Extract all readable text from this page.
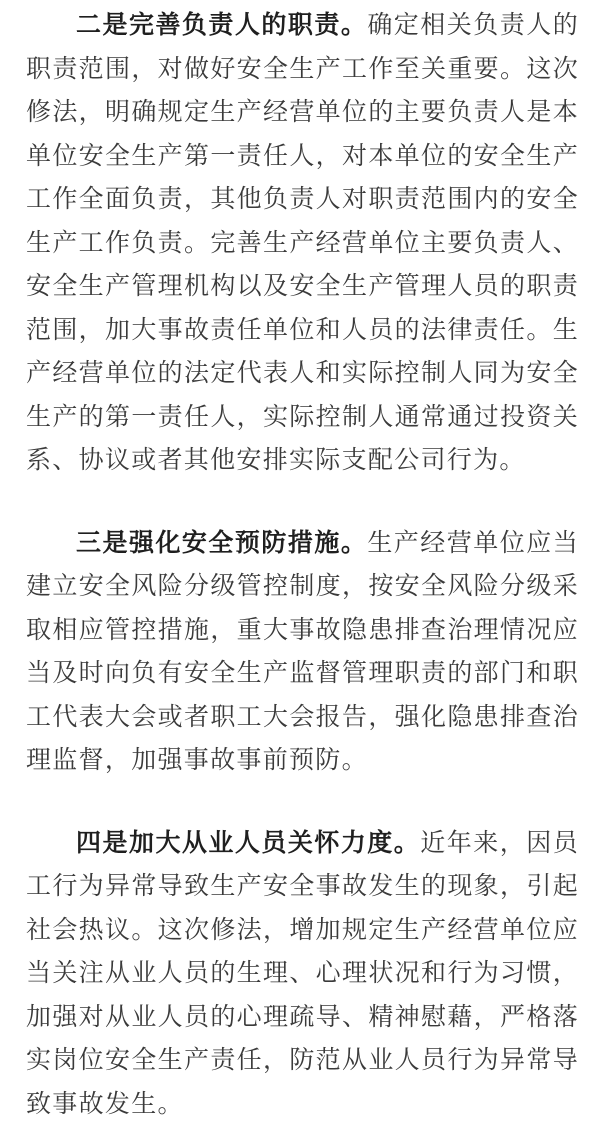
二是完善负责人的职责。确定相关负责人的职责范围，对做好安全生产工作至关重要。这次修法，明确规定生产经营单位的主要负责人是本单位安全生产第一责任人，对本单位的安全生产工作全面负责，其他负责人对职责范围内的安全生产工作负责。完善生产经营单位主要负责人、安全生产管理机构以及安全生产管理人员的职责范围，加大事故责任单位和人员的法律责任。生产经营单位的法定代表人和实际控制人同为安全生产的第一责任人，实际控制人通常通过投资关系、协议或者其他安排实际支配公司行为。

三是强化安全预防措施。生产经营单位应当建立安全风险分级管控制度，按安全风险分级采取相应管控措施，重大事故隐患排查治理情况应当及时向负有安全生产监督管理职责的部门和职工代表大会或者职工大会报告，强化隐患排查治理监督，加强事故事前预防。

四是加大从业人员关怀力度。近年来，因员工行为异常导致生产安全事故发生的现象，引起社会热议。这次修法，增加规定生产经营单位应当关注从业人员的生理、心理状况和行为习惯，加强对从业人员的心理疏导、精神慰藉，严格落实岗位安全生产责任，防范从业人员行为异常导致事故发生。
